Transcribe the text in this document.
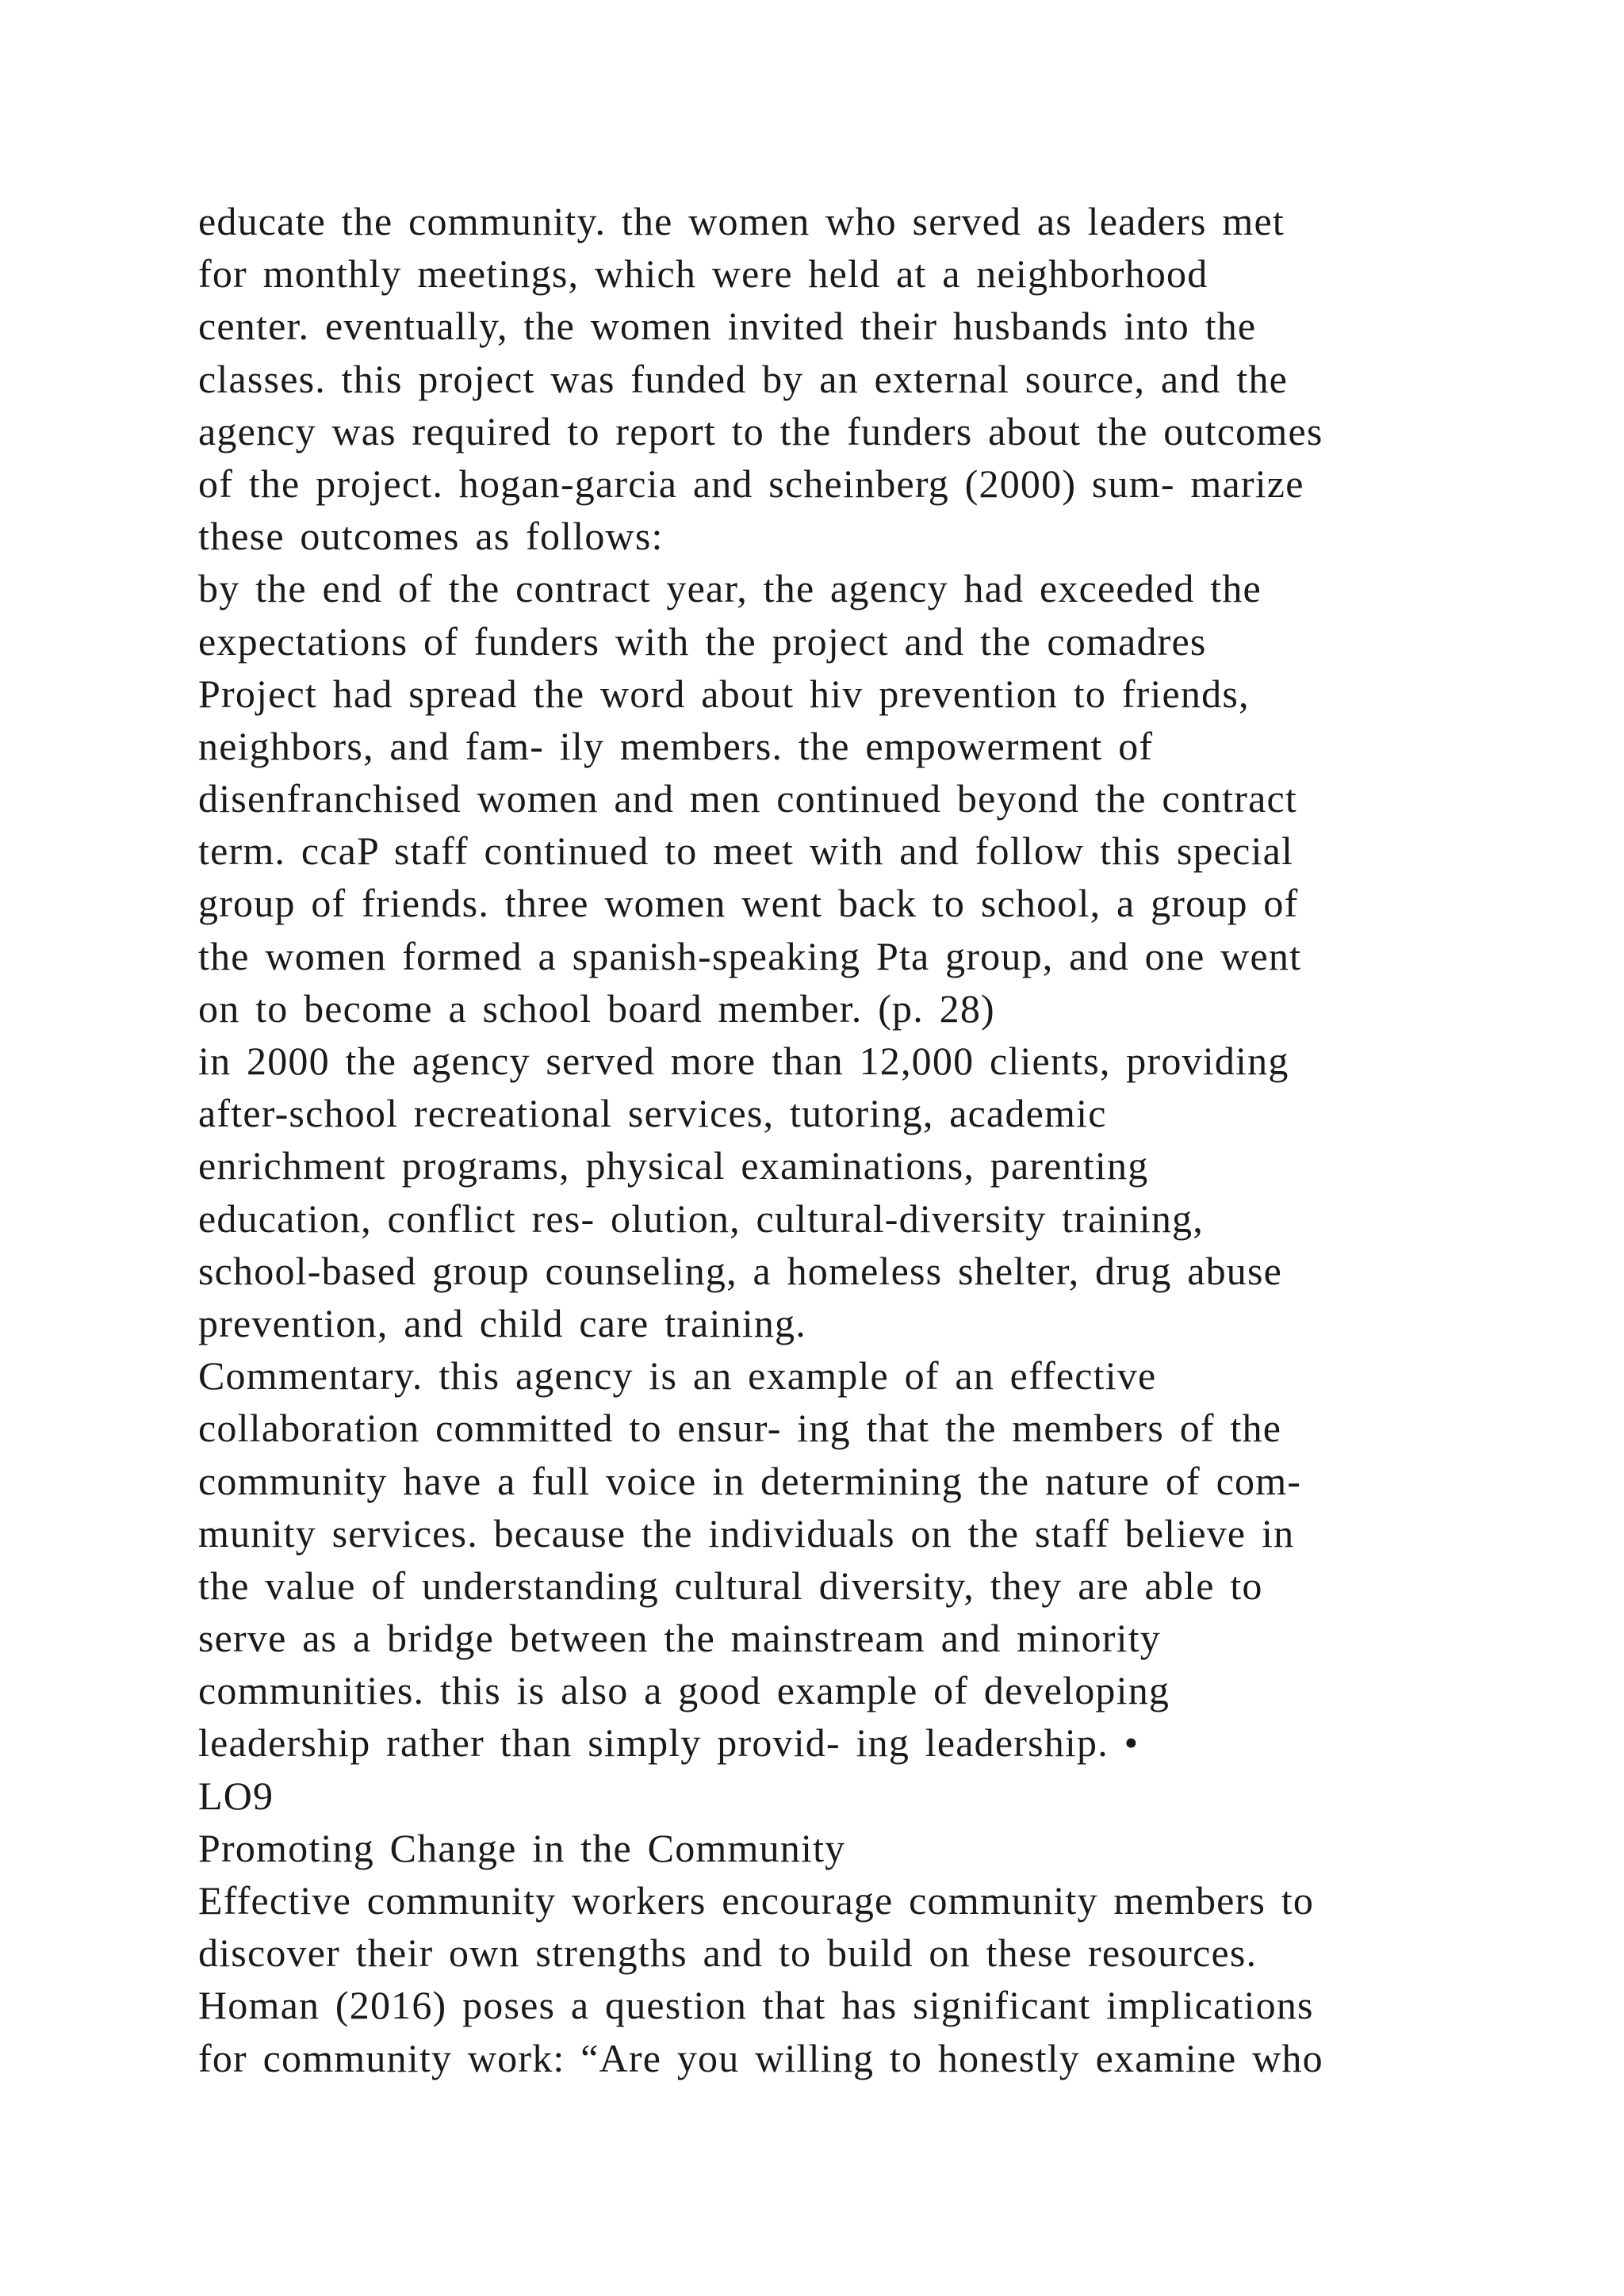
educate the community. the women who served as leaders met
for monthly meetings, which were held at a neighborhood
center. eventually, the women invited their husbands into the
classes. this project was funded by an external source, and the
agency was required to report to the funders about the outcomes
of the project. hogan-garcia and scheinberg (2000) sum- marize
these outcomes as follows:
by the end of the contract year, the agency had exceeded the
expectations of funders with the project and the comadres
Project had spread the word about hiv prevention to friends,
neighbors, and fam- ily members. the empowerment of
disenfranchised women and men continued beyond the contract
term. ccaP staff continued to meet with and follow this special
group of friends. three women went back to school, a group of
the women formed a spanish-speaking Pta group, and one went
on to become a school board member. (p. 28)
in 2000 the agency served more than 12,000 clients, providing
after-school recreational services, tutoring, academic
enrichment programs, physical examinations, parenting
education, conflict res- olution, cultural-diversity training,
school-based group counseling, a homeless shelter, drug abuse
prevention, and child care training.
Commentary. this agency is an example of an effective
collaboration committed to ensur- ing that the members of the
community have a full voice in determining the nature of com-
munity services. because the individuals on the staff believe in
the value of understanding cultural diversity, they are able to
serve as a bridge between the mainstream and minority
communities. this is also a good example of developing
leadership rather than simply provid- ing leadership. •
LO9
Promoting Change in the Community
Effective community workers encourage community members to
discover their own strengths and to build on these resources.
Homan (2016) poses a question that has significant implications
for community work: “Are you willing to honestly examine who
